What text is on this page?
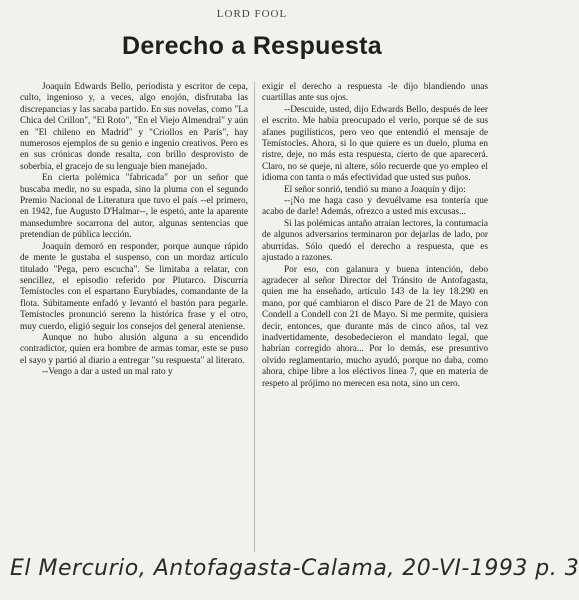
LORD FOOL
Derecho a Respuesta

Joaquín Edwards Bello, periodista y escritor de cepa, culto, ingenioso y, a veces, algo enojón, disfrutaba las discrepancias y las sacaba partido. En sus novelas, como "La Chica del Crillon", "El Roto", "En el Viejo Almendral" y aún en "El chileno en Madrid" y "Criollos en París", hay numerosos ejemplos de su genio e ingenio creativos. Pero es en sus crónicas donde resalta, con brillo desprovisto de soberbia, el gracejo de su lenguaje bien manejado.

En cierta polémica "fabricada" por un señor que buscaba medir, no su espada, sino la pluma con el segundo Premio Nacional de Literatura que tuvo el país --el primero, en 1942, fue Augusto D'Halmar--, le espetó, ante la aparente mansedumbre socarrona del autor, algunas sentencias que pretendían de pública lección.

Joaquín demoró en responder, porque aunque rápido de mente le gustaba el suspenso, con un mordaz artículo titulado "Pega, pero escucha". Se limitaba a relatar, con sencillez, el episodio referido por Plutarco. Discurría Temístocles con el espartano Eurybíades, comandante de la flota. Súbitamente enfadó y levantó el bastón para pegarle. Temístocles pronunció sereno la histórica frase y el otro, muy cuerdo, eligió seguir los consejos del general ateniense.

Aunque no hubo alusión alguna a su encendido contradictor, quien era hombre de armas tomar, este se puso el sayo y partió al diario a entregar "su respuesta" al literato.

--Vengo a dar a usted un mal rato y

exigir el derecho a respuesta -le dijo blandiendo unas cuartillas ante sus ojos.

--Descuide, usted, dijo Edwards Bello, después de leer el escrito. Me había preocupado el verlo, porque sé de sus afanes pugilísticos, pero veo que entendió el mensaje de Temístocles. Ahora, si lo que quiere es un duelo, pluma en ristre, deje, no más esta respuesta, cierto de que aparecerá. Claro, no se queje, ni altere, sólo recuerde que yo empleo el idioma con tanta o más efectividad que usted sus puños.

El señor sonrió, tendió su mano a Joaquín y dijo:

--¡No me haga caso y devuélvame esa tontería que acabo de darle! Además, ofrezco a usted mis excusas...

Si las polémicas antaño atraían lectores, la contumacia de algunos adversarios terminaron por dejarlas de lado, por aburridas. Sólo quedó el derecho a respuesta, que es ajustado a razones.

Por eso, con galanura y buena intención, debo agradecer al señor Director del Tránsito de Antofagasta, quien me ha enseñado, artículo 143 de la ley 18.290 en mano, por qué cambiaron el disco Pare de 21 de Mayo con Condell a Condell con 21 de Mayo. Si me permite, quisiera decir, entonces, que durante más de cinco años, tal vez inadvertidamente, desobedecieron el mandato legal, que habrían corregido ahora... Por lo demás, ese presuntivo olvido reglamentario, mucho ayudó, porque no daba, como ahora, chipe libre a los eléctivos línea 7, que en materia de respeto al prójimo no merecen esa nota, sino un cero.

El Mercurio, Antofagasta-Calama, 20-VI-1993 p. 3
